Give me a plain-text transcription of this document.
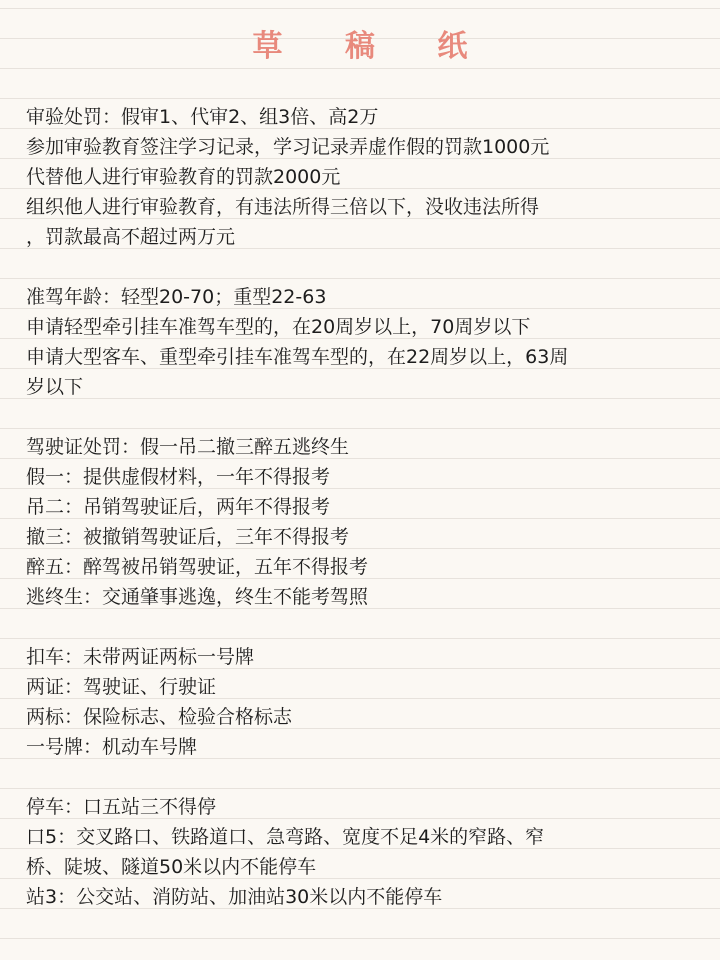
草 稿 纸
审验处罚：假审1、代审2、组3倍、高2万
参加审验教育签注学习记录，学习记录弄虚作假的罚款1000元
代替他人进行审验教育的罚款2000元
组织他人进行审验教育，有违法所得三倍以下，没收违法所得
，罚款最高不超过两万元
准驾年龄：轻型20-70；重型22-63
申请轻型牵引挂车准驾车型的，在20周岁以上，70周岁以下
申请大型客车、重型牵引挂车准驾车型的，在22周岁以上，63周
岁以下
驾驶证处罚：假一吊二撤三醉五逃终生
假一：提供虚假材料，一年不得报考
吊二：吊销驾驶证后，两年不得报考
撤三：被撤销驾驶证后，三年不得报考
醉五：醉驾被吊销驾驶证，五年不得报考
逃终生：交通肇事逃逸，终生不能考驾照
扣车：未带两证两标一号牌
两证：驾驶证、行驶证
两标：保险标志、检验合格标志
一号牌：机动车号牌
停车：口五站三不得停
口5：交叉路口、铁路道口、急弯路、宽度不足4米的窄路、窄
桥、陡坡、隧道50米以内不能停车
站3：公交站、消防站、加油站30米以内不能停车
